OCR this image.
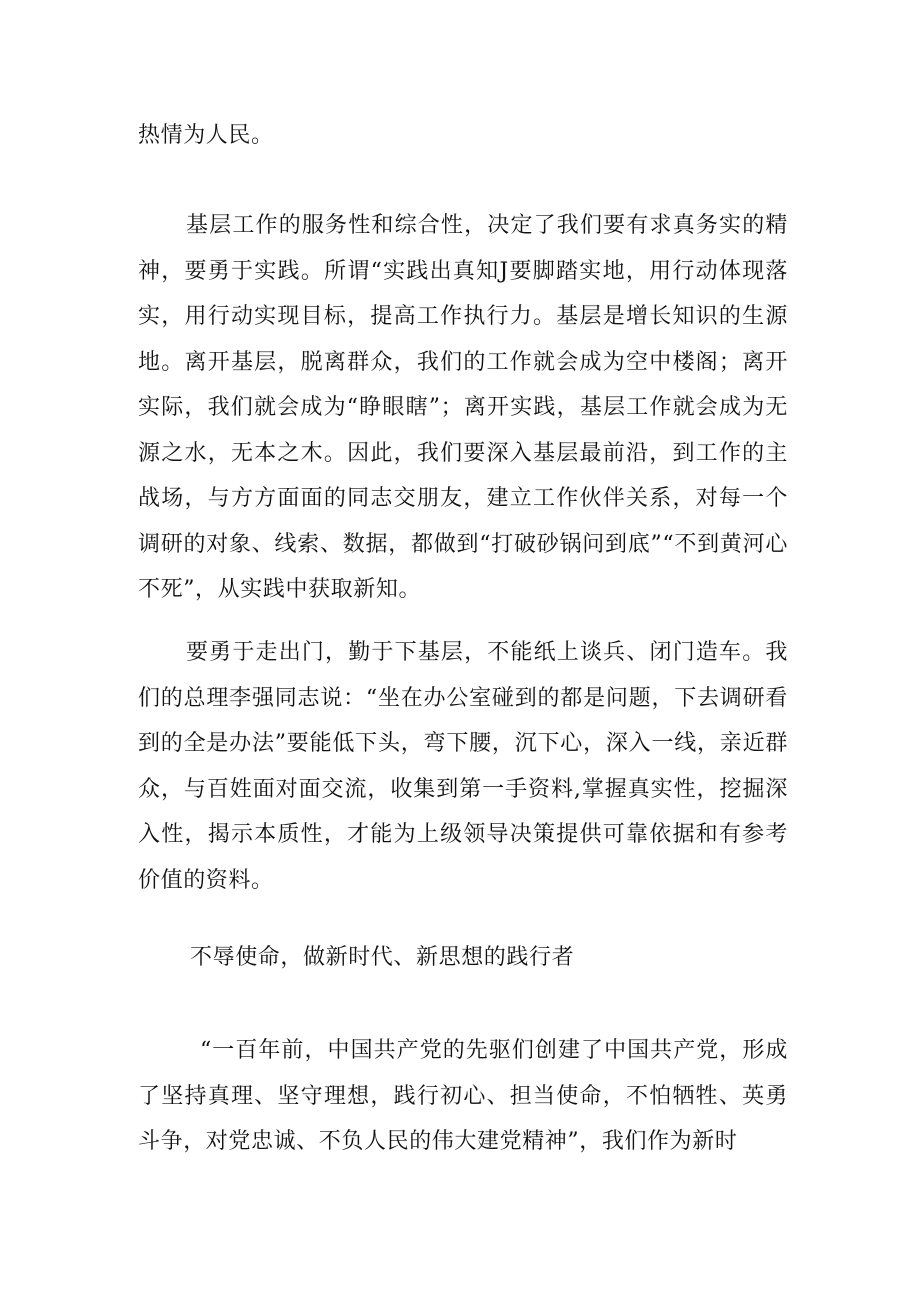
热情为人民。

基层工作的服务性和综合性，决定了我们要有求真务实的精神，要勇于实践。所谓“实践出真知J要脚踏实地，用行动体现落实，用行动实现目标，提高工作执行力。基层是增长知识的生源地。离开基层，脱离群众，我们的工作就会成为空中楼阁；离开实际，我们就会成为“睁眼瞎”；离开实践，基层工作就会成为无源之水，无本之木。因此，我们要深入基层最前沿，到工作的主战场，与方方面面的同志交朋友，建立工作伙伴关系，对每一个调研的对象、线索、数据，都做到“打破砂锅问到底”“不到黄河心不死”，从实践中获取新知。

要勇于走出门，勤于下基层，不能纸上谈兵、闭门造车。我们的总理李强同志说：“坐在办公室碰到的都是问题，下去调研看到的全是办法”要能低下头，弯下腰，沉下心，深入一线，亲近群众，与百姓面对面交流，收集到第一手资料,掌握真实性，挖掘深入性，揭示本质性，才能为上级领导决策提供可靠依据和有参考价值的资料。

不辱使命，做新时代、新思想的践行者

“一百年前，中国共产党的先驱们创建了中国共产党，形成了坚持真理、坚守理想，践行初心、担当使命，不怕牺牲、英勇斗争，对党忠诚、不负人民的伟大建党精神”，我们作为新时
